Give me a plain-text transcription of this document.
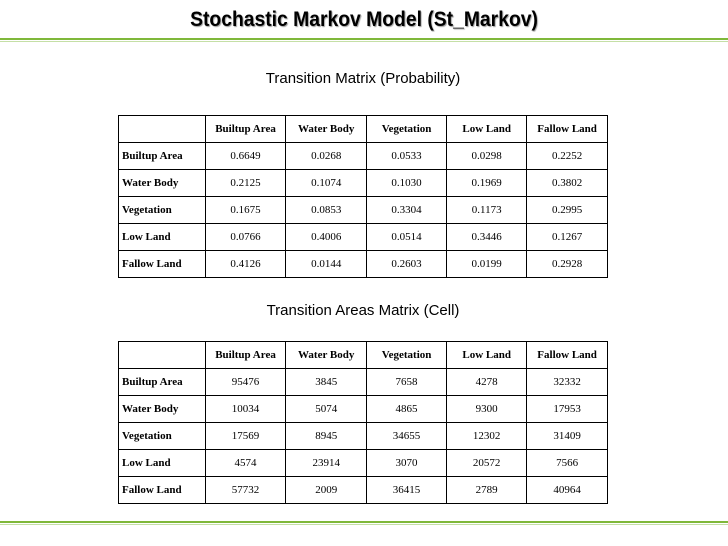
Stochastic Markov Model (St_Markov)
Transition Matrix (Probability)
	Builtup Area	Water Body	Vegetation	Low Land	Fallow Land
Builtup Area	0.6649	0.0268	0.0533	0.0298	0.2252
Water Body	0.2125	0.1074	0.1030	0.1969	0.3802
Vegetation	0.1675	0.0853	0.3304	0.1173	0.2995
Low Land	0.0766	0.4006	0.0514	0.3446	0.1267
Fallow Land	0.4126	0.0144	0.2603	0.0199	0.2928
Transition Areas Matrix (Cell)
	Builtup Area	Water Body	Vegetation	Low Land	Fallow Land
Builtup Area	95476	3845	7658	4278	32332
Water Body	10034	5074	4865	9300	17953
Vegetation	17569	8945	34655	12302	31409
Low Land	4574	23914	3070	20572	7566
Fallow Land	57732	2009	36415	2789	40964
